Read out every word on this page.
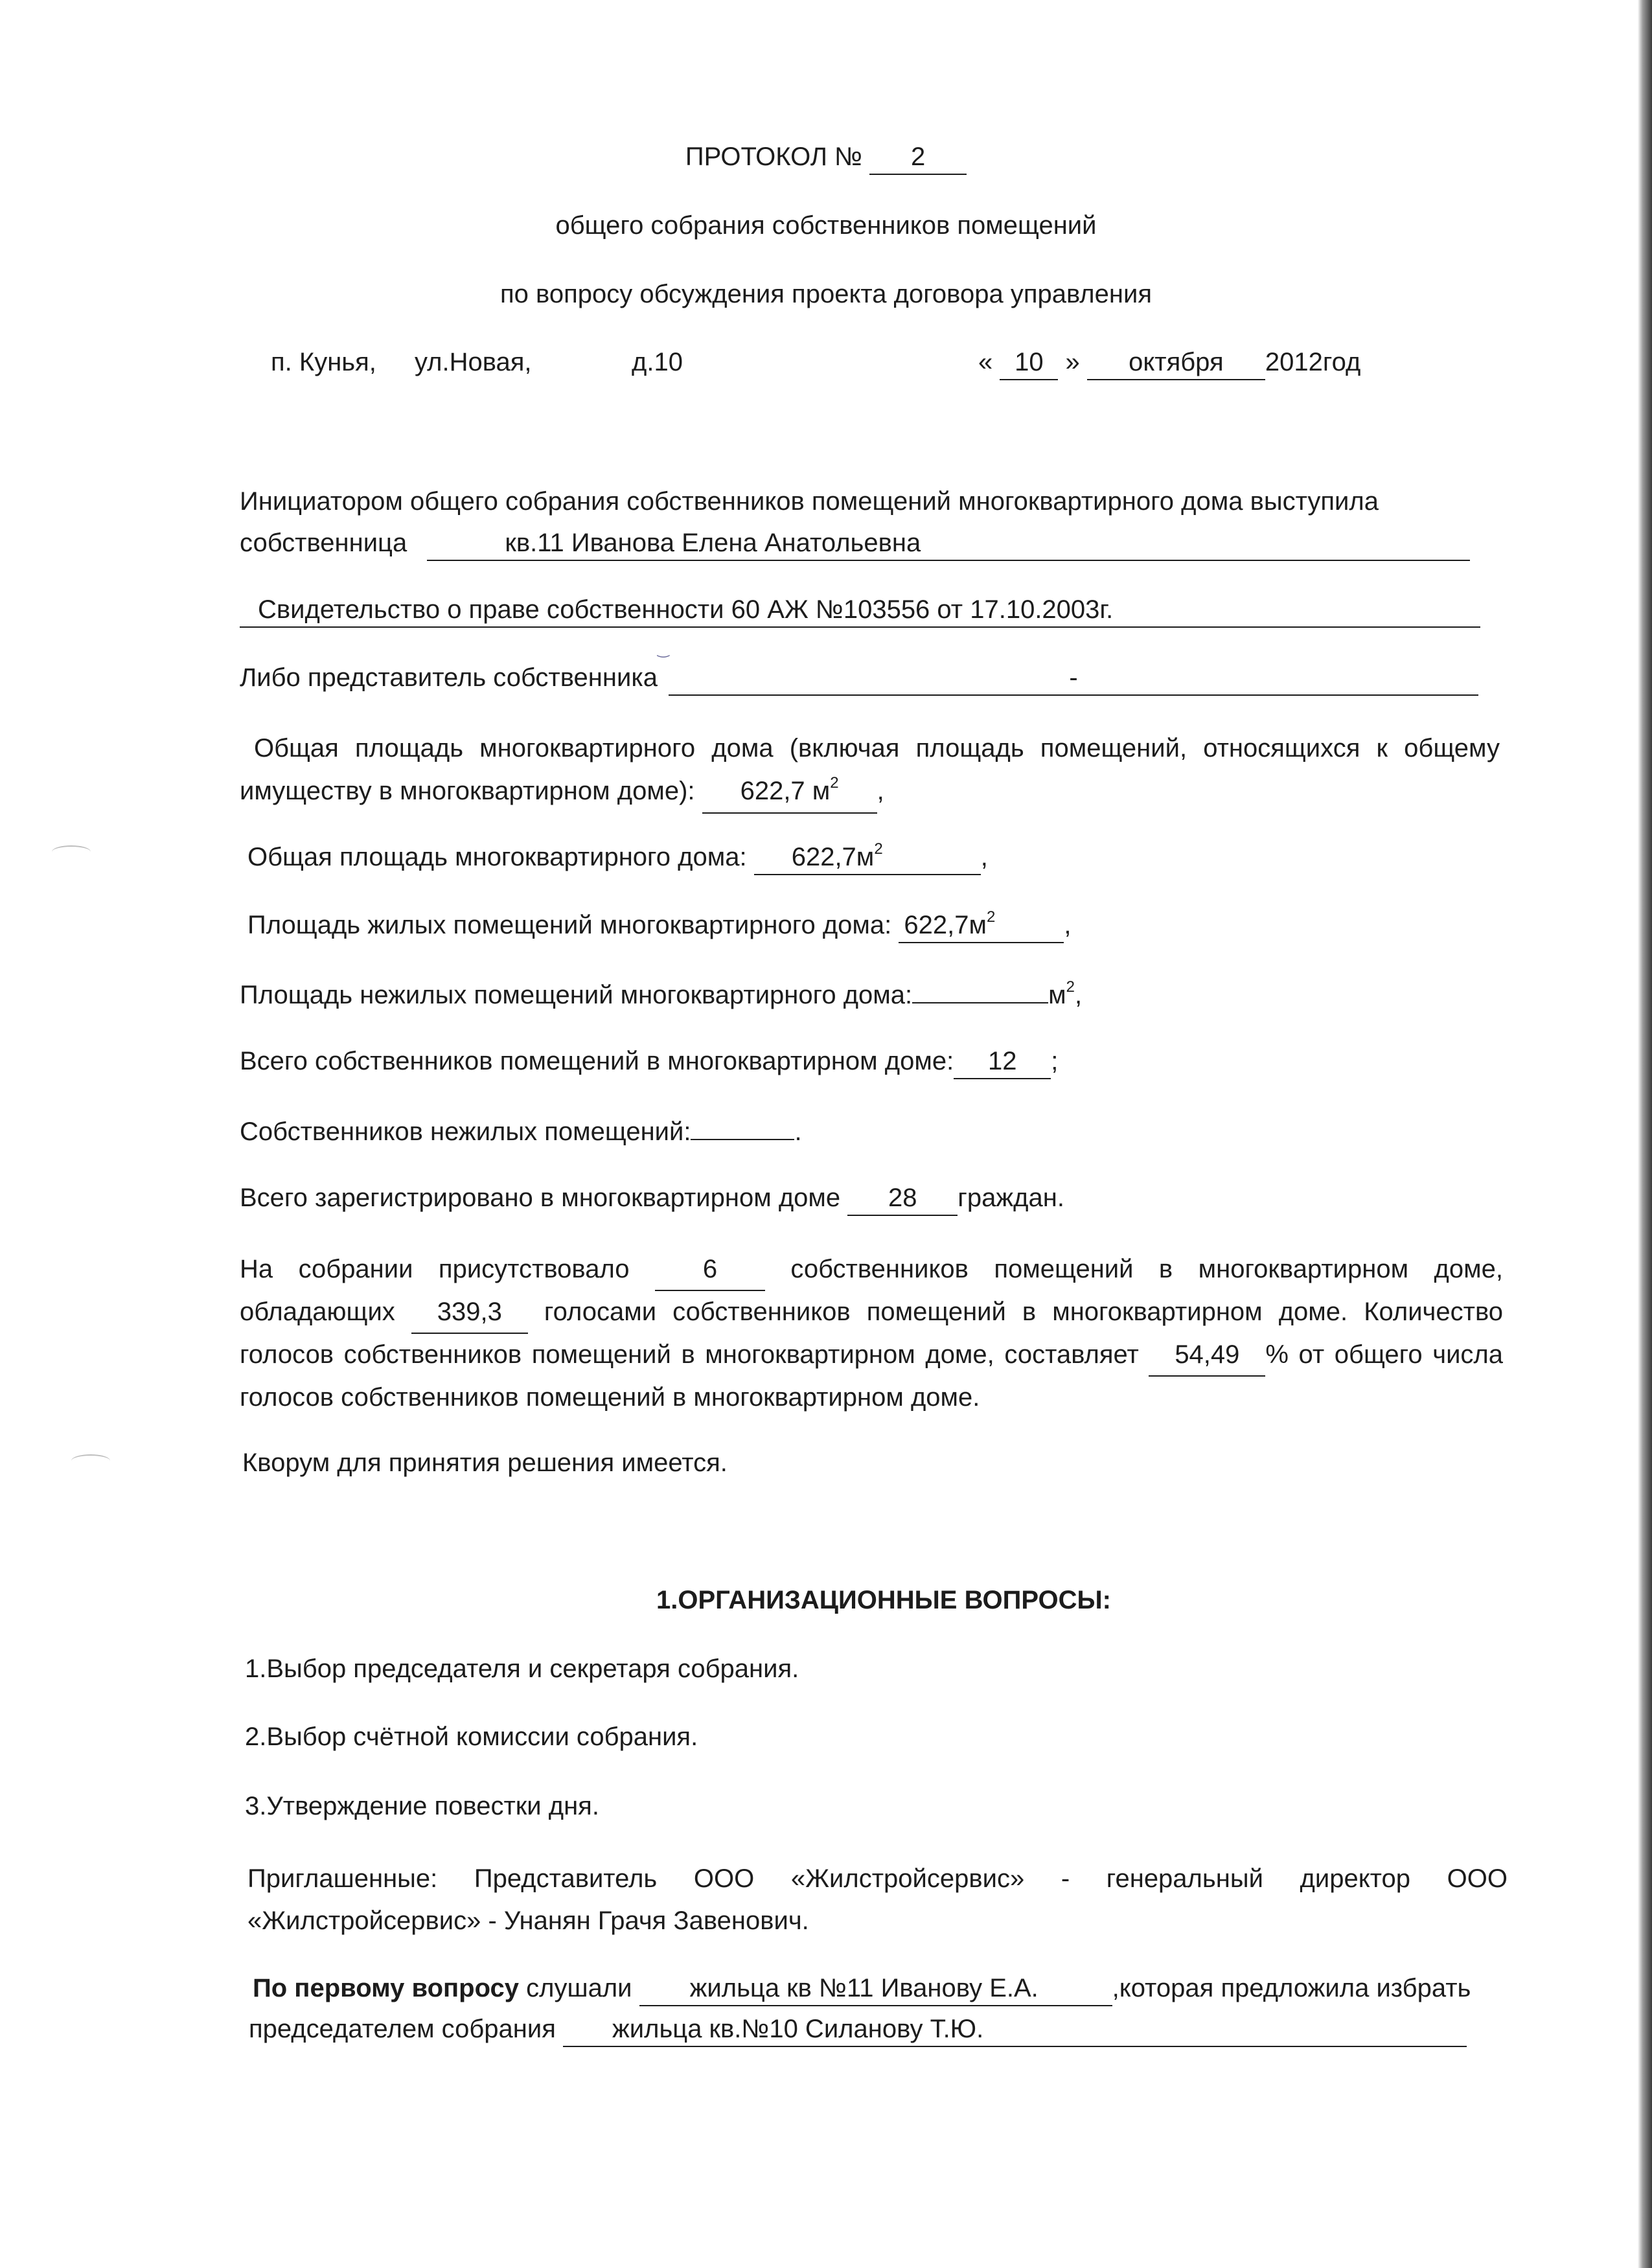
ПРОТОКОЛ № 2
общего собрания собственников помещений
по вопросу обсуждения проекта договора управления
п. Кунья, ул.Новая,	д.10	« 10 » октября 2012год
Инициатором общего собрания собственников помещений многоквартирного дома выступила
собственница	кв.11 Иванова Елена Анатольевна
Свидетельство о праве собственности 60 АЖ №103556 от 17.10.2003г.
‿
Либо представитель собственника	-
Общая площадь многоквартирного дома (включая площадь помещений, относящихся к общему имуществу в многоквартирном доме): 622,7 $м^2$ ,
Общая площадь многоквартирного дома: $622,7м^2$	,
Площадь жилых помещений многоквартирного дома: $622,7м^2$	,
Площадь нежилых помещений многоквартирного дома:	$м^2$,
Всего собственников помещений в многоквартирном доме: 12 ;
Собственников нежилых помещений:	.
Всего зарегистрировано в многоквартирном доме 28 граждан.
На собрании присутствовало	6	собственников помещений в многоквартирном доме, обладающих 339,3 голосами собственников помещений в многоквартирном доме. Количество голосов собственников помещений в многоквартирном доме, составляет 54,49 % от общего числа голосов собственников помещений в многоквартирном доме.
Кворум для принятия решения имеется.
1.ОРГАНИЗАЦИОННЫЕ ВОПРОСЫ:
1.Выбор председателя и секретаря собрания.
2.Выбор счётной комиссии собрания.
3.Утверждение повестки дня.
Приглашенные: Представитель ООО «Жилстройсервис» - генеральный директор ООО «Жилстройсервис» - Унанян Грачя Завенович.
По первому вопросу слушали жильца кв №11 Иванову Е.А.	,которая предложила избрать
председателем собрания жильца кв.№10 Силанову Т.Ю.
